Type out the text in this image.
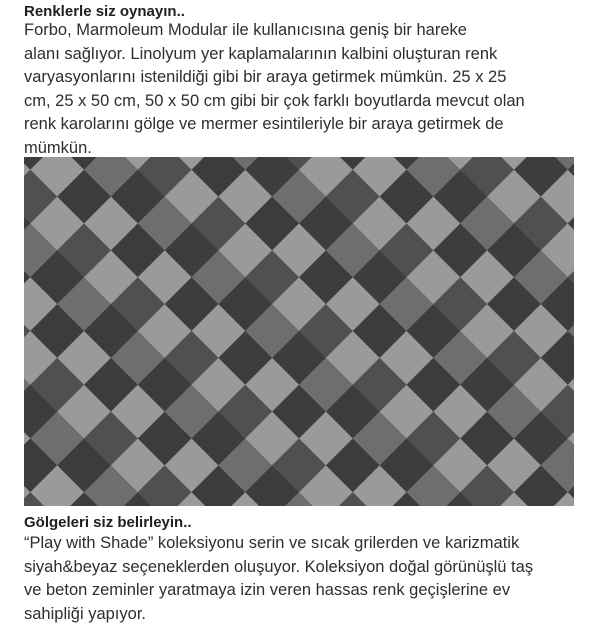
Renklerle siz oynayın..
Forbo, Marmoleum Modular ile kullanıcısına geniş bir hareke
alanı sağlıyor. Linolyum yer kaplamalarının kalbini oluşturan renk
varyasyonlarını istenildiği gibi bir araya getirmek mümkün. 25 x 25
cm, 25 x 50 cm, 50 x 50 cm gibi bir çok farklı boyutlarda mevcut olan
renk karolarını gölge ve mermer esintileriyle bir araya getirmek de
mümkün.
Gölgeleri siz belirleyin..
“Play with Shade” koleksiyonu serin ve sıcak grilerden ve karizmatik
siyah&beyaz seçeneklerden oluşuyor. Koleksiyon doğal görünüşlü taş
ve beton zeminler yaratmaya izin veren hassas renk geçişlerine ev
sahipliği yapıyor.
